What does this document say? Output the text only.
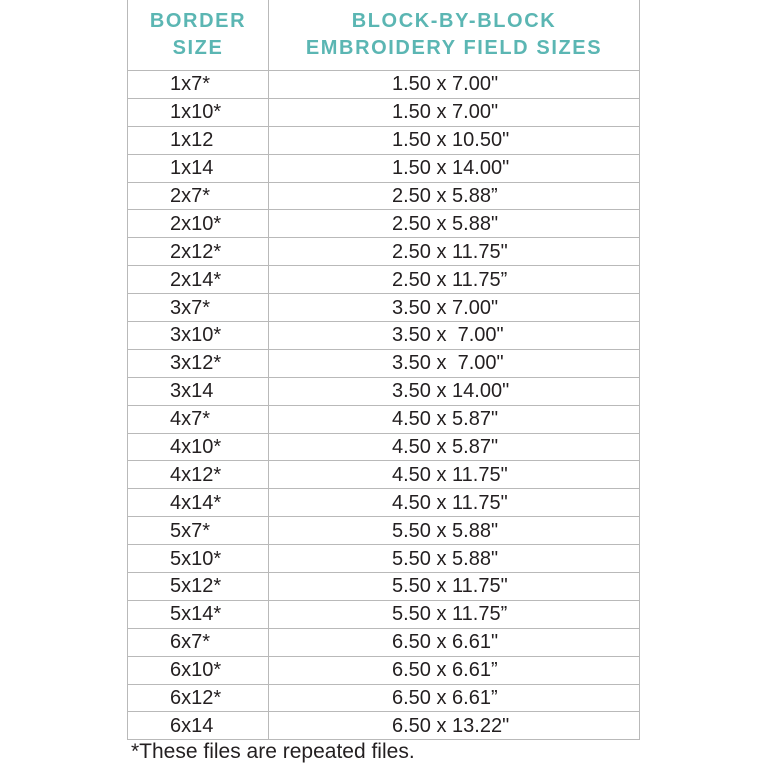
BORDER
SIZE	BLOCK-BY-BLOCK
EMBROIDERY FIELD SIZES

1x7*	1.50 x 7.00"
1x10*	1.50 x 7.00"
1x12	1.50 x 10.50"
1x14	1.50 x 14.00"
2x7*	2.50 x 5.88”
2x10*	2.50 x 5.88"
2x12*	2.50 x 11.75"
2x14*	2.50 x 11.75”
3x7*	3.50 x 7.00"
3x10*	3.50 x  7.00"
3x12*	3.50 x  7.00"
3x14	3.50 x 14.00"
4x7*	4.50 x 5.87"
4x10*	4.50 x 5.87"
4x12*	4.50 x 11.75"
4x14*	4.50 x 11.75"
5x7*	5.50 x 5.88"
5x10*	5.50 x 5.88"
5x12*	5.50 x 11.75"
5x14*	5.50 x 11.75”
6x7*	6.50 x 6.61"
6x10*	6.50 x 6.61”
6x12*	6.50 x 6.61”
6x14	6.50 x 13.22"
*These files are repeated files.
